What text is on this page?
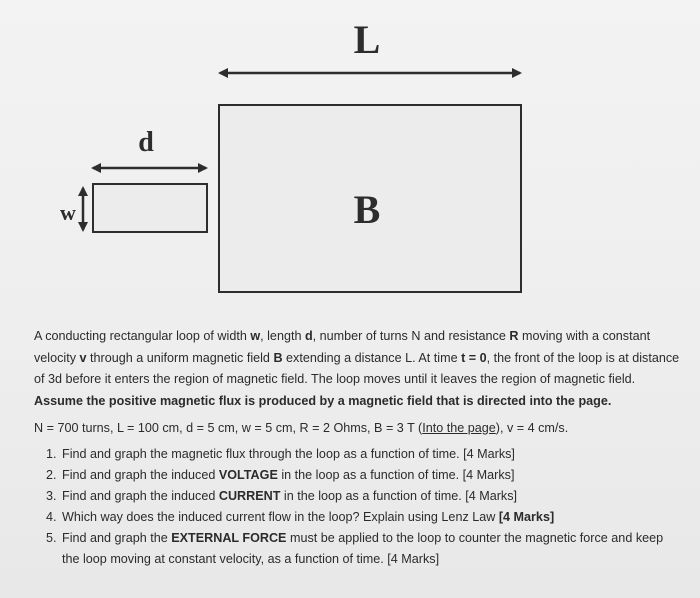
L
B
d
w

A conducting rectangular loop of width w, length d, number of turns N and resistance R moving with a constant velocity v through a uniform magnetic field B extending a distance L. At time t = 0, the front of the loop is at distance of 3d before it enters the region of magnetic field. The loop moves until it leaves the region of magnetic field. Assume the positive magnetic flux is produced by a magnetic field that is directed into the page.

N = 700 turns, L = 100 cm, d = 5 cm, w = 5 cm, R = 2 Ohms, B = 3 T (Into the page), v = 4 cm/s.

1. Find and graph the magnetic flux through the loop as a function of time. [4 Marks]
2. Find and graph the induced VOLTAGE in the loop as a function of time. [4 Marks]
3. Find and graph the induced CURRENT in the loop as a function of time. [4 Marks]
4. Which way does the induced current flow in the loop? Explain using Lenz Law [4 Marks]
5. Find and graph the EXTERNAL FORCE must be applied to the loop to counter the magnetic force and keep the loop moving at constant velocity, as a function of time. [4 Marks]
